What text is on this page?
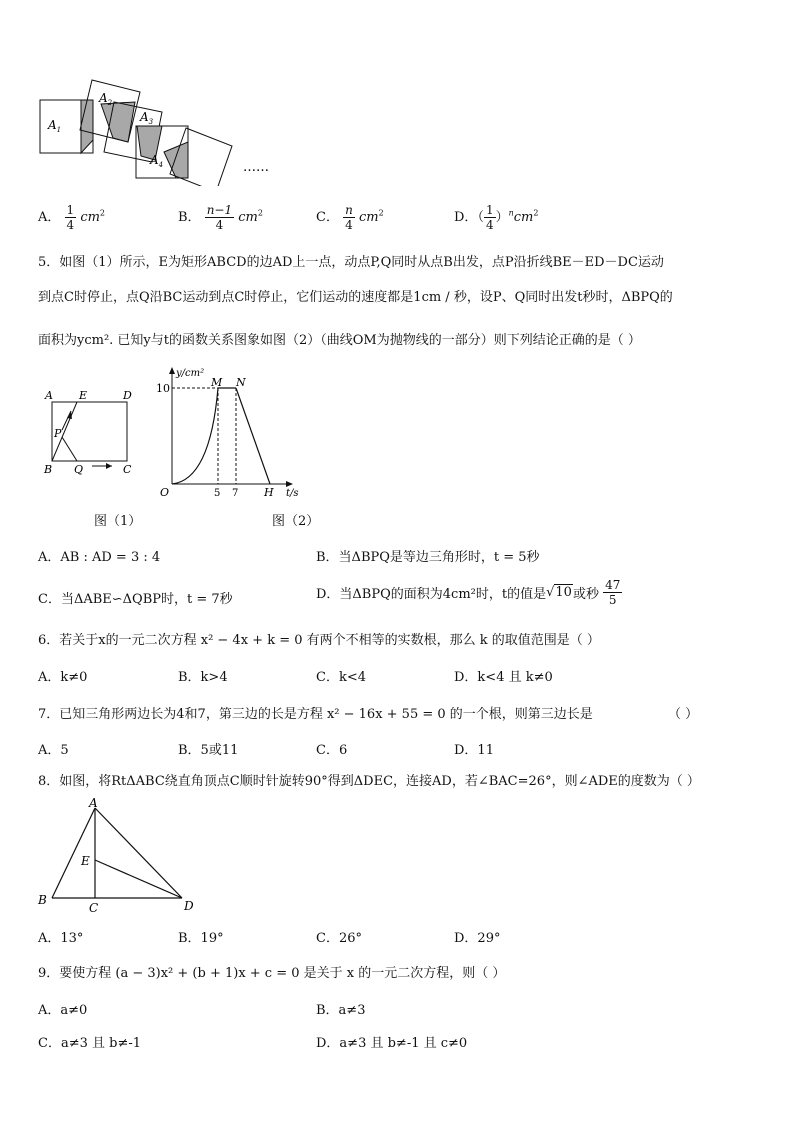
$A_1$
$A_2$
$A_3$
$A_4$	……
A． $\frac{1}{4} cm^2$	B． $\frac{n-1}{4} cm^2$	C． $\frac{n}{4} cm^2$	D．（ $\frac{1}{4} )^ncm^2$
5．如图（1）所示，E为矩形ABCD的边AD上一点，动点P,Q同时从点B出发，点P沿折线BE－ED－DC运动
到点C时停止，点Q沿BC运动到点C时停止，它们运动的速度都是1cm / 秒，设P、Q同时出发t秒时，ΔBPQ的
面积为ycm². 已知y与t的函数关系图象如图（2）（曲线OM为抛物线的一部分）则下列结论正确的是（ ）
A E	D
P
B Q	C
图（1）
y/cm²
10	M N
O	5 7 H t/s
图（2）
A．AB : AD = 3 : 4	B．当ΔBPQ是等边三角形时，t = 5秒
C．当ΔABE∽ΔQBP时，t = 7秒	D．当ΔBPQ的面积为4cm²时，t的值是√10或秒 $\frac{47}{5}$
6．若关于x的一元二次方程 x² − 4x + k = 0 有两个不相等的实数根，那么 k 的取值范围是（ ）
A．k≠0	B．k>4	C．k<4	D．k<4 且 k≠0
7．已知三角形两边长为4和7，第三边的长是方程 x² − 16x + 55 = 0 的一个根，则第三边长是	（ ）
A．5	B．5或11	C．6	D．11
8．如图，将RtΔABC绕直角顶点C顺时针旋转90°得到ΔDEC，连接AD，若∠BAC=26°，则∠ADE的度数为（ ）
A
E
B
C	D
A．13°	B．19°	C．26°	D．29°
9．要使方程 (a − 3)x² + (b + 1)x + c = 0 是关于 x 的一元二次方程，则（ ）
A．a≠0	B．a≠3
C．a≠3 且 b≠-1	D．a≠3 且 b≠-1 且 c≠0
